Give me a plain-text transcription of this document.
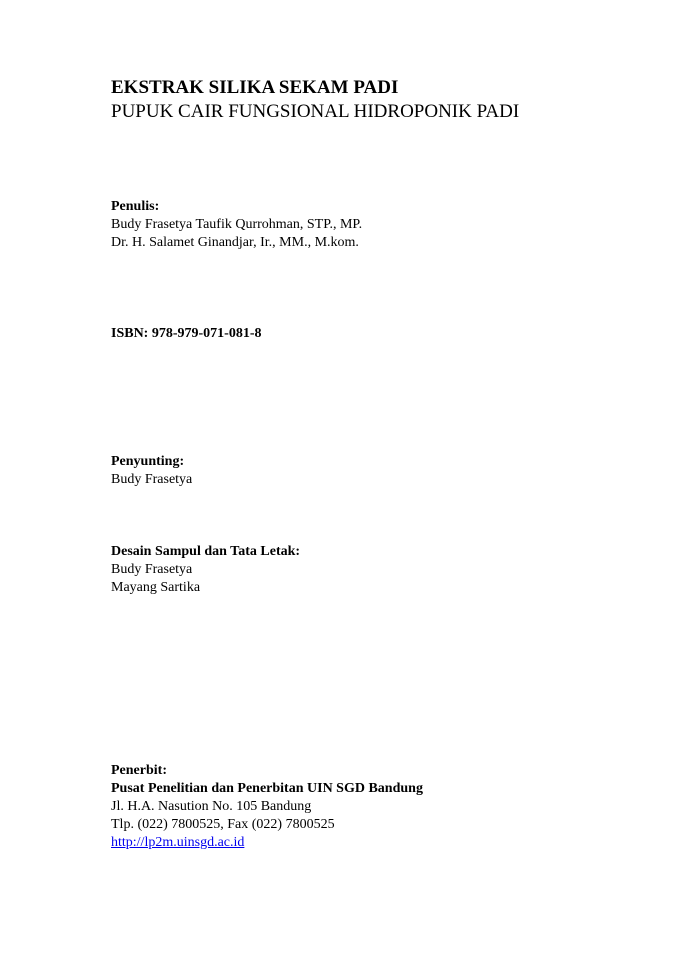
EKSTRAK SILIKA SEKAM PADI
PUPUK CAIR FUNGSIONAL HIDROPONIK PADI
Penulis:
Budy Frasetya Taufik Qurrohman, STP., MP.
Dr. H. Salamet Ginandjar, Ir., MM., M.kom.
ISBN: 978-979-071-081-8
Penyunting:
Budy Frasetya
Desain Sampul dan Tata Letak:
Budy Frasetya
Mayang Sartika
Penerbit:
Pusat Penelitian dan Penerbitan UIN SGD Bandung
Jl. H.A. Nasution No. 105 Bandung
Tlp. (022) 7800525, Fax (022) 7800525
http://lp2m.uinsgd.ac.id
